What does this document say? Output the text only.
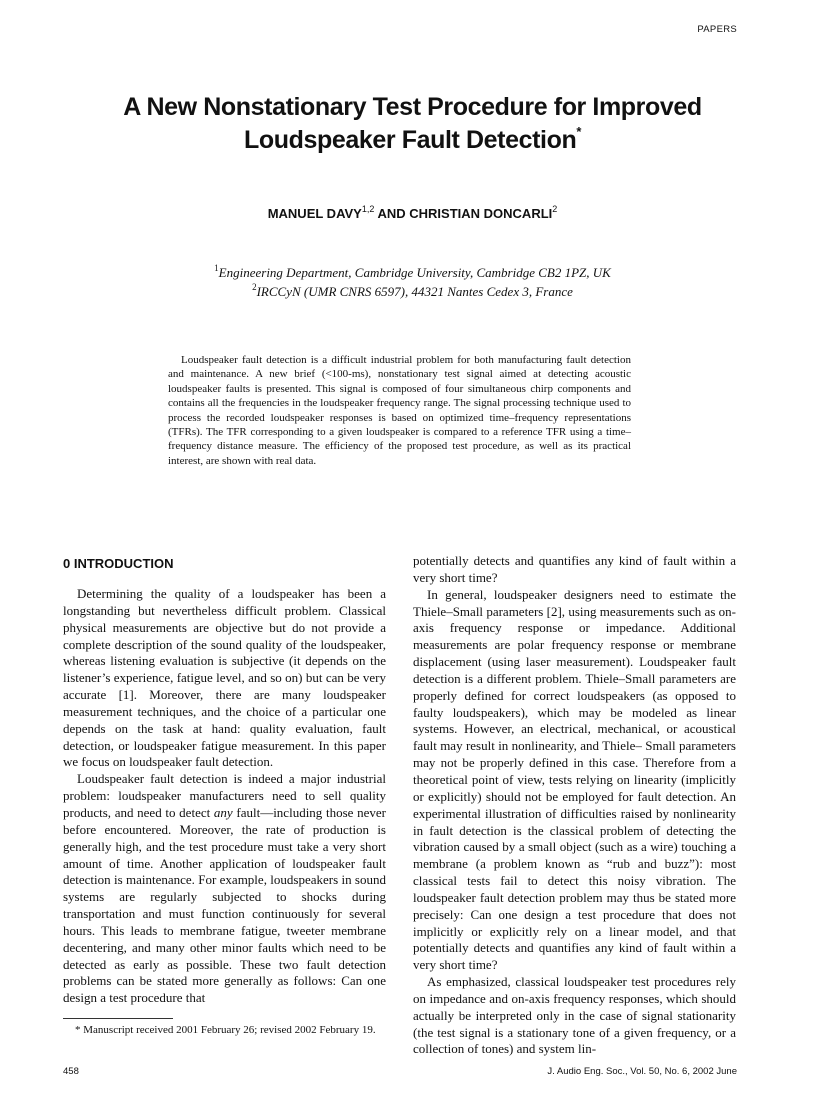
PAPERS
A New Nonstationary Test Procedure for Improved
Loudspeaker Fault Detection*
MANUEL DAVY$^{1,2}$ AND CHRISTIAN DONCARLI$^2$
$^1$Engineering Department, Cambridge University, Cambridge CB2 1PZ, UK
$^2$IRCCyN (UMR CNRS 6597), 44321 Nantes Cedex 3, France

Loudspeaker fault detection is a difficult industrial problem for both manufacturing fault detection and maintenance. A new brief (<100-ms), nonstationary test signal aimed at detecting acoustic loudspeaker faults is presented. This signal is composed of four simultaneous chirp components and contains all the frequencies in the loudspeaker frequency range. The signal processing technique used to process the recorded loudspeaker responses is based on optimized time–frequency representations (TFRs). The TFR corresponding to a given loudspeaker is compared to a reference TFR using a time–frequency distance measure. The efficiency of the proposed test procedure, as well as its practical interest, are shown with real data.

0 INTRODUCTION

Determining the quality of a loudspeaker has been a longstanding but nevertheless difficult problem. Classical physical measurements are objective but do not provide a complete description of the sound quality of the loudspeaker, whereas listening evaluation is subjective (it depends on the listener’s experience, fatigue level, and so on) but can be very accurate [1]. Moreover, there are many loudspeaker measurement techniques, and the choice of a particular one depends on the task at hand: quality evaluation, fault detection, or loudspeaker fatigue measurement. In this paper we focus on loudspeaker fault detection.

Loudspeaker fault detection is indeed a major industrial problem: loudspeaker manufacturers need to sell quality products, and need to detect any fault—including those never before encountered. Moreover, the rate of production is generally high, and the test procedure must take a very short amount of time. Another application of loudspeaker fault detection is maintenance. For example, loudspeakers in sound systems are regularly subjected to shocks during transportation and must function continuously for several hours. This leads to membrane fatigue, tweeter membrane decentering, and many other minor faults which need to be detected as early as possible. These two fault detection problems can be stated more generally as follows: Can one design a test procedure that

potentially detects and quantifies any kind of fault within a very short time?

In general, loudspeaker designers need to estimate the Thiele–Small parameters [2], using measurements such as on-axis frequency response or impedance. Additional measurements are polar frequency response or membrane displacement (using laser measurement). Loudspeaker fault detection is a different problem. Thiele–Small parameters are properly defined for correct loudspeakers (as opposed to faulty loudspeakers), which may be modeled as linear systems. However, an electrical, mechanical, or acoustical fault may result in nonlinearity, and Thiele– Small parameters may not be properly defined in this case. Therefore from a theoretical point of view, tests relying on linearity (implicitly or explicitly) should not be employed for fault detection. An experimental illustration of difficulties raised by nonlinearity in fault detection is the classical problem of detecting the vibration caused by a small object (such as a wire) touching a membrane (a problem known as “rub and buzz”): most classical tests fail to detect this noisy vibration. The loudspeaker fault detection problem may thus be stated more precisely: Can one design a test procedure that does not implicitly or explicitly rely on a linear model, and that potentially detects and quantifies any kind of fault within a very short time?

As emphasized, classical loudspeaker test procedures rely on impedance and on-axis frequency responses, which should actually be interpreted only in the case of signal stationarity (the test signal is a stationary tone of a given frequency, or a collection of tones) and system lin-

* Manuscript received 2001 February 26; revised 2002 February 19.
458	J. Audio Eng. Soc., Vol. 50, No. 6, 2002 June
